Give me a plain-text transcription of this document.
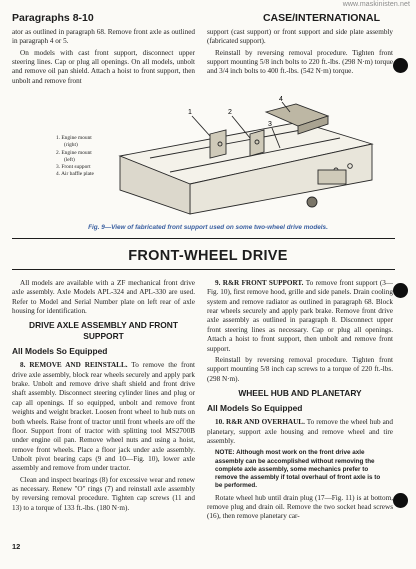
www.maskinisten.net
Paragraphs 8-10	CASE/INTERNATIONAL

ator as outlined in paragraph 68. Remove front axle as outlined in paragraph 4 or 5.

On models with cast front support, disconnect upper steering lines. Cap or plug all openings. On all models, unbolt and remove oil pan shield. Attach a hoist to front support, then unbolt and remove front

support (cast support) or front support and side plate assembly (fabricated support).

Reinstall by reversing removal procedure. Tighten front support mounting 5/8 inch bolts to 220 ft.-lbs. (298 N·m) torque and 3/4 inch bolts to 400 ft.-lbs. (542 N·m) torque.

1
4
2
3
1. Engine mount
(right)
2. Engine mount
(left)
3. Front support
4. Air baffle plate
Fig. 9—View of fabricated front support used on some two-wheel drive models.
FRONT-WHEEL DRIVE

All models are available with a ZF mechanical front drive axle assembly. Axle Models APL-324 and APL-330 are used. Refer to Model and Serial Number plate on left rear of axle housing for identification.

DRIVE AXLE ASSEMBLY AND FRONT SUPPORT
All Models So Equipped

8. REMOVE AND REINSTALL. To remove the front drive axle assembly, block rear wheels securely and apply park brake. Unbolt and remove drive shaft shield and front drive shaft assembly. Disconnect steering cylinder lines and plug or cap all openings. If so equipped, unbolt and remove front weights and weight bracket. Loosen front wheel to hub nuts on both wheels. Raise front of tractor until front wheels are off the floor. Support front of tractor with splitting tool MS2700B under engine oil pan. Remove wheel nuts and using a hoist, remove front wheels. Place a floor jack under axle assembly. Unbolt pivot bearing caps (9 and 10—Fig. 10), lower axle assembly and remove from under tractor.

Clean and inspect bearings (8) for excessive wear and renew as necessary. Renew "O" rings (7) and reinstall axle assembly by reversing removal procedure. Tighten cap screws (11 and 13) to a torque of 133 ft.-lbs. (180 N·m).

9. R&R FRONT SUPPORT. To remove front support (3—Fig. 10), first remove hood, grille and side panels. Drain cooling system and remove radiator as outlined in paragraph 68. Block rear wheels securely and apply park brake. Remove front drive axle assembly as outlined in paragraph 8. Disconnect upper front steering lines as necessary. Cap or plug all openings. Attach a hoist to front support, then unbolt and remove front support.

Reinstall by reversing removal procedure. Tighten front support mounting 5/8 inch cap screws to a torque of 220 ft.-lbs. (298 N·m).

WHEEL HUB AND PLANETARY
All Models So Equipped

10. R&R AND OVERHAUL. To remove the wheel hub and planetary, support axle housing and remove wheel and tire assembly.

NOTE: Although most work on the front drive axle assembly can be accomplished without removing the complete axle assembly, some mechanics prefer to remove the assembly if total overhaul of front axle is to be performed.

Rotate wheel hub until drain plug (17—Fig. 11) is at bottom, remove plug and drain oil. Remove the two socket head screws (16), then remove planetary car-

12
